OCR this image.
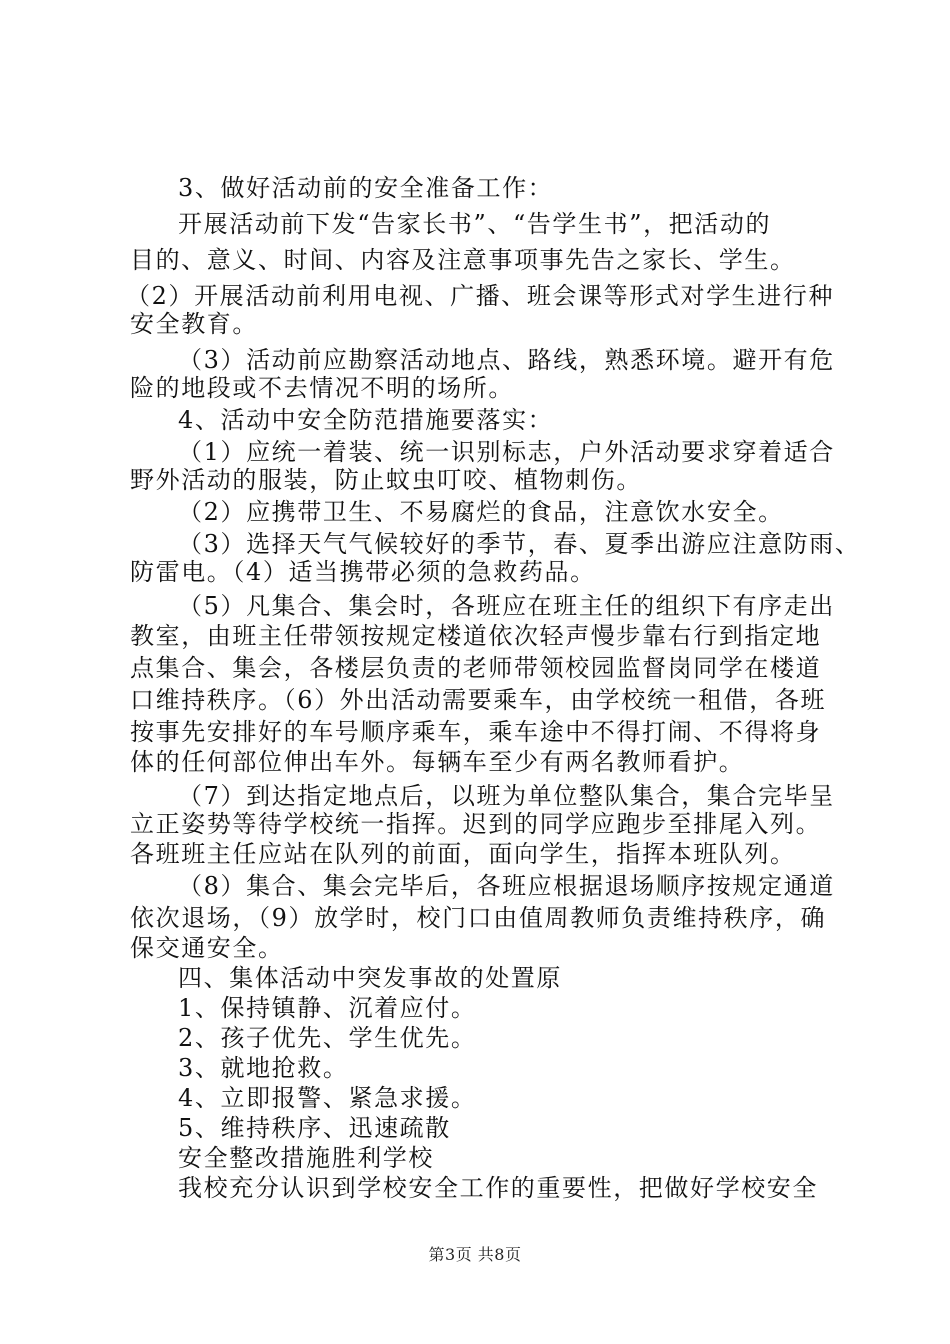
3、做好活动前的安全准备工作：
开展活动前下发“告家长书”、“告学生书”，把活动的
目的、意义、时间、内容及注意事项事先告之家长、学生。
（2）开展活动前利用电视、广播、班会课等形式对学生进行种
安全教育。
（3）活动前应勘察活动地点、路线，熟悉环境。避开有危
险的地段或不去情况不明的场所。
4、活动中安全防范措施要落实：
（1）应统一着装、统一识别标志，户外活动要求穿着适合
野外活动的服装，防止蚊虫叮咬、植物刺伤。
（2）应携带卫生、不易腐烂的食品，注意饮水安全。
（3）选择天气气候较好的季节，春、夏季出游应注意防雨、
防雷电。（4）适当携带必须的急救药品。
（5）凡集合、集会时，各班应在班主任的组织下有序走出
教室，由班主任带领按规定楼道依次轻声慢步靠右行到指定地
点集合、集会，各楼层负责的老师带领校园监督岗同学在楼道
口维持秩序。（6）外出活动需要乘车，由学校统一租借，各班
按事先安排好的车号顺序乘车，乘车途中不得打闹、不得将身
体的任何部位伸出车外。每辆车至少有两名教师看护。
（7）到达指定地点后，以班为单位整队集合，集合完毕呈
立正姿势等待学校统一指挥。迟到的同学应跑步至排尾入列。
各班班主任应站在队列的前面，面向学生，指挥本班队列。
（8）集合、集会完毕后，各班应根据退场顺序按规定通道
依次退场，（9）放学时，校门口由值周教师负责维持秩序，确
保交通安全。
四、集体活动中突发事故的处置原
1、保持镇静、沉着应付。
2、孩子优先、学生优先。
3、就地抢救。
4、立即报警、紧急求援。
5、维持秩序、迅速疏散
安全整改措施胜利学校
我校充分认识到学校安全工作的重要性，把做好学校安全
第3页 共8页
